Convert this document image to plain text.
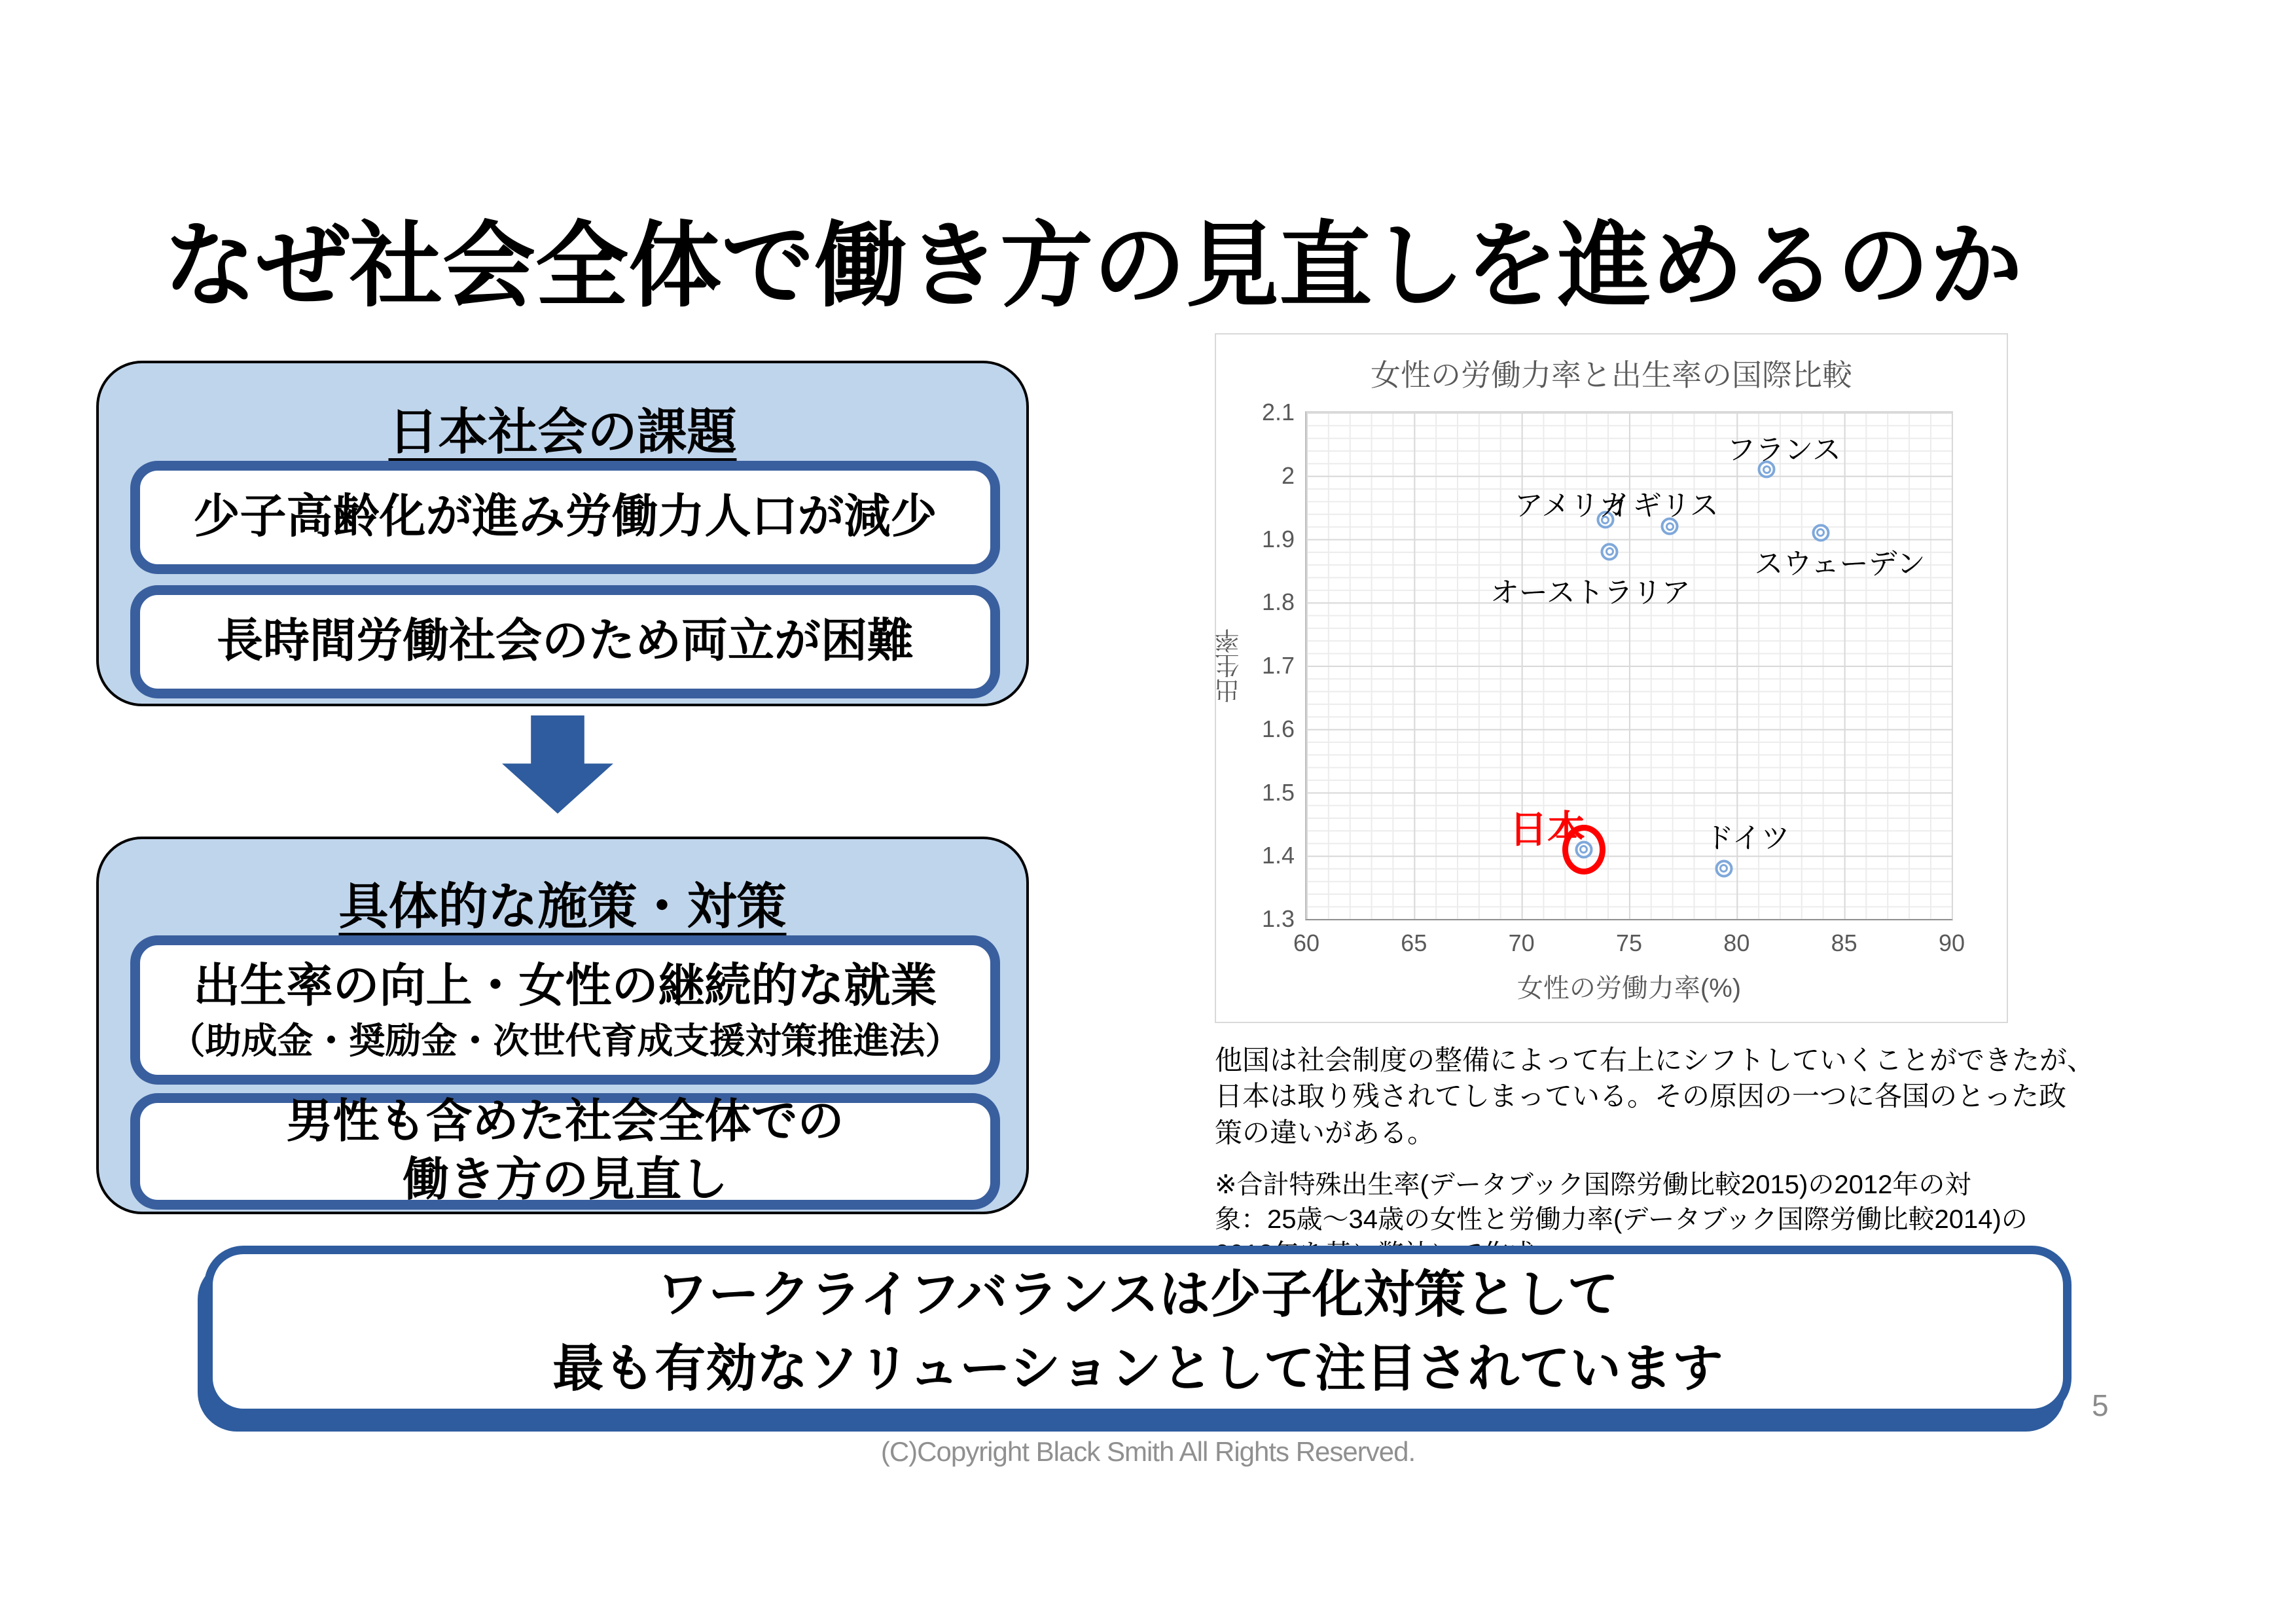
なぜ社会全体で働き方の見直しを進めるのか
日本社会の課題
少子高齢化が進み労働力人口が減少
長時間労働社会のため両立が困難
具体的な施策・対策
出生率の向上・女性の継続的な就業
（助成金・奨励金・次世代育成支援対策推進法）
男性も含めた社会全体での
働き方の見直し
女性の労働力率と出生率の国際比較
出生率
女性の労働力率(%)
2.1
2
1.9
1.8
1.7
1.6
1.5
1.4
1.3
60	65	70	75	80	85	90
フランス
アメリカ
イギリス
スウェーデン
オーストラリア
日本	ドイツ
他国は社会制度の整備によって右上にシフトしていくことができたが、
日本は取り残されてしまっている。その原因の一つに各国のとった政
策の違いがある。
※合計特殊出生率(データブック国際労働比較2015)の2012年の対
象：25歳～34歳の女性と労働力率(データブック国際労働比較2014)の

ワークライフバランスは少子化対策として
最も有効なソリューションとして注目されています
(C)Copyright Black Smith All Rights Reserved.
5
